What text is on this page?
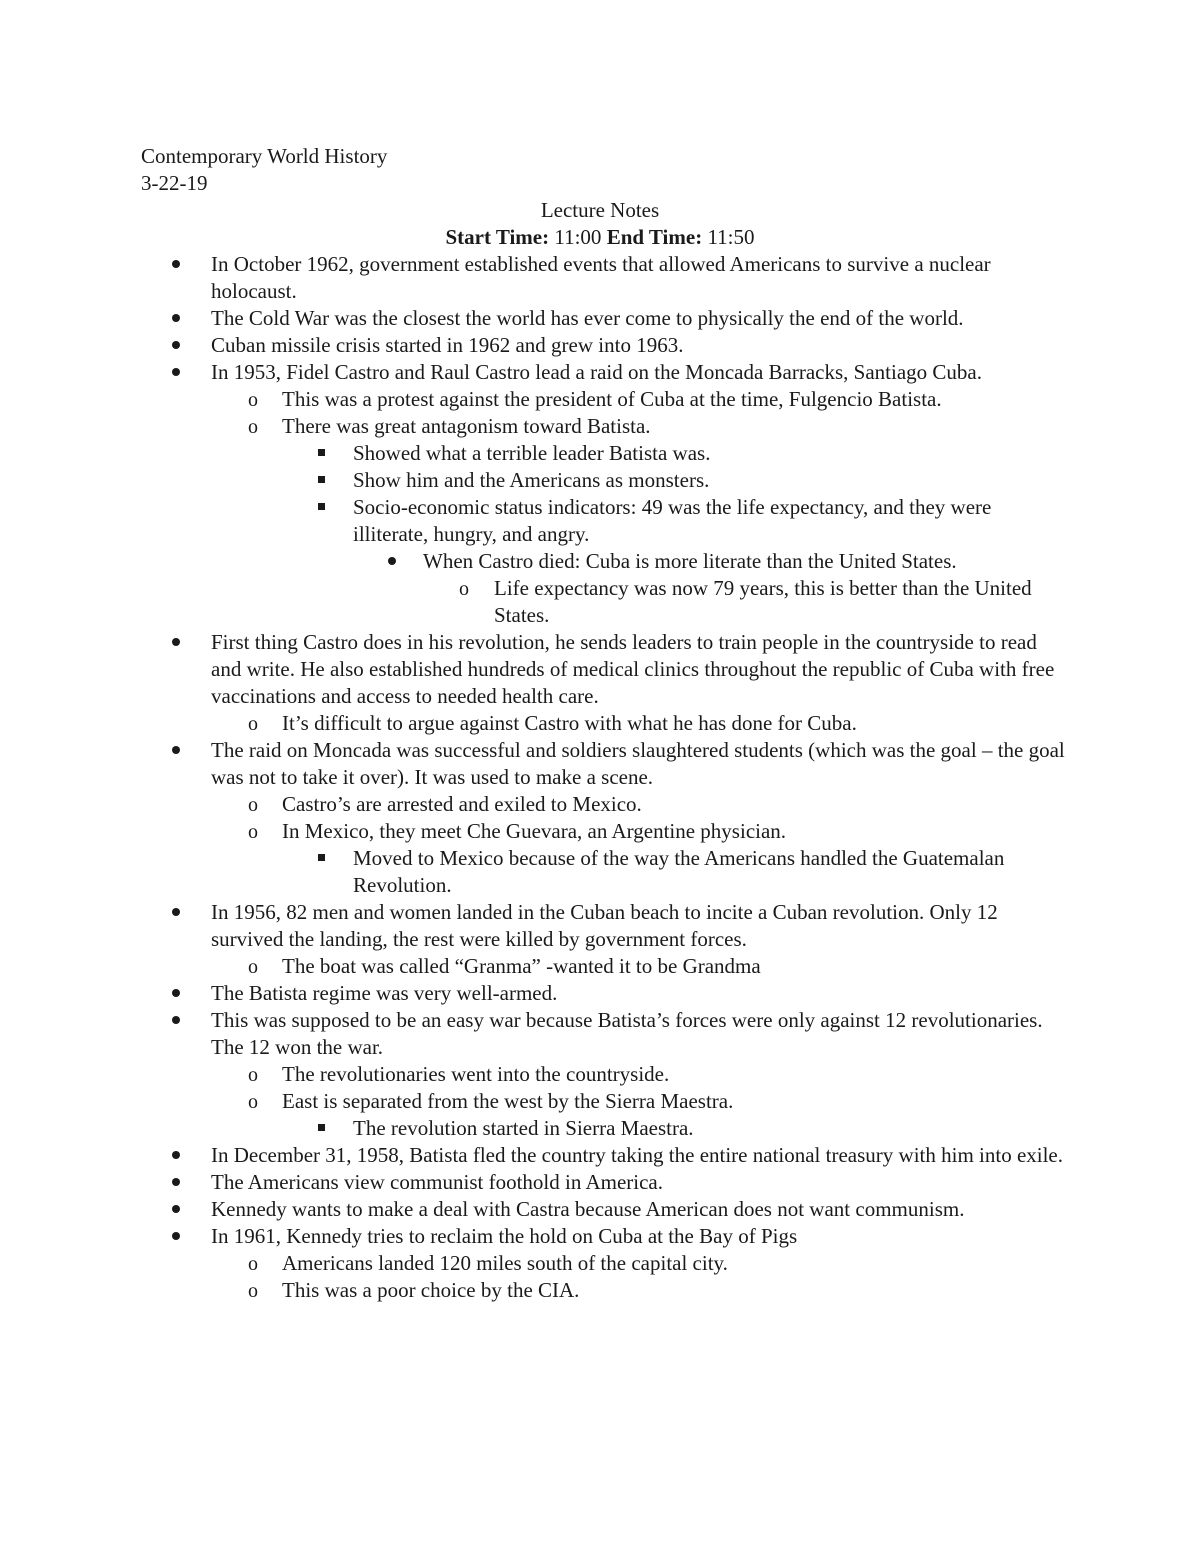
Contemporary World History
3-22-19
Lecture Notes
Start Time: 11:00 End Time: 11:50
In October 1962, government established events that allowed Americans to survive a nuclear holocaust.
The Cold War was the closest the world has ever come to physically the end of the world.
Cuban missile crisis started in 1962 and grew into 1963.
In 1953, Fidel Castro and Raul Castro lead a raid on the Moncada Barracks, Santiago Cuba.
o This was a protest against the president of Cuba at the time, Fulgencio Batista.
o There was great antagonism toward Batista.
Showed what a terrible leader Batista was.
Show him and the Americans as monsters.
Socio-economic status indicators: 49 was the life expectancy, and they were illiterate, hungry, and angry.
When Castro died: Cuba is more literate than the United States.
o Life expectancy was now 79 years, this is better than the United States.
First thing Castro does in his revolution, he sends leaders to train people in the countryside to read and write. He also established hundreds of medical clinics throughout the republic of Cuba with free vaccinations and access to needed health care.
o It’s difficult to argue against Castro with what he has done for Cuba.
The raid on Moncada was successful and soldiers slaughtered students (which was the goal – the goal was not to take it over). It was used to make a scene.
o Castro’s are arrested and exiled to Mexico.
o In Mexico, they meet Che Guevara, an Argentine physician.
Moved to Mexico because of the way the Americans handled the Guatemalan Revolution.
In 1956, 82 men and women landed in the Cuban beach to incite a Cuban revolution. Only 12 survived the landing, the rest were killed by government forces.
o The boat was called “Granma” -wanted it to be Grandma
The Batista regime was very well-armed.
This was supposed to be an easy war because Batista’s forces were only against 12 revolutionaries. The 12 won the war.
o The revolutionaries went into the countryside.
o East is separated from the west by the Sierra Maestra.
The revolution started in Sierra Maestra.
In December 31, 1958, Batista fled the country taking the entire national treasury with him into exile.
The Americans view communist foothold in America.
Kennedy wants to make a deal with Castra because American does not want communism.
In 1961, Kennedy tries to reclaim the hold on Cuba at the Bay of Pigs
o Americans landed 120 miles south of the capital city.
o This was a poor choice by the CIA.
